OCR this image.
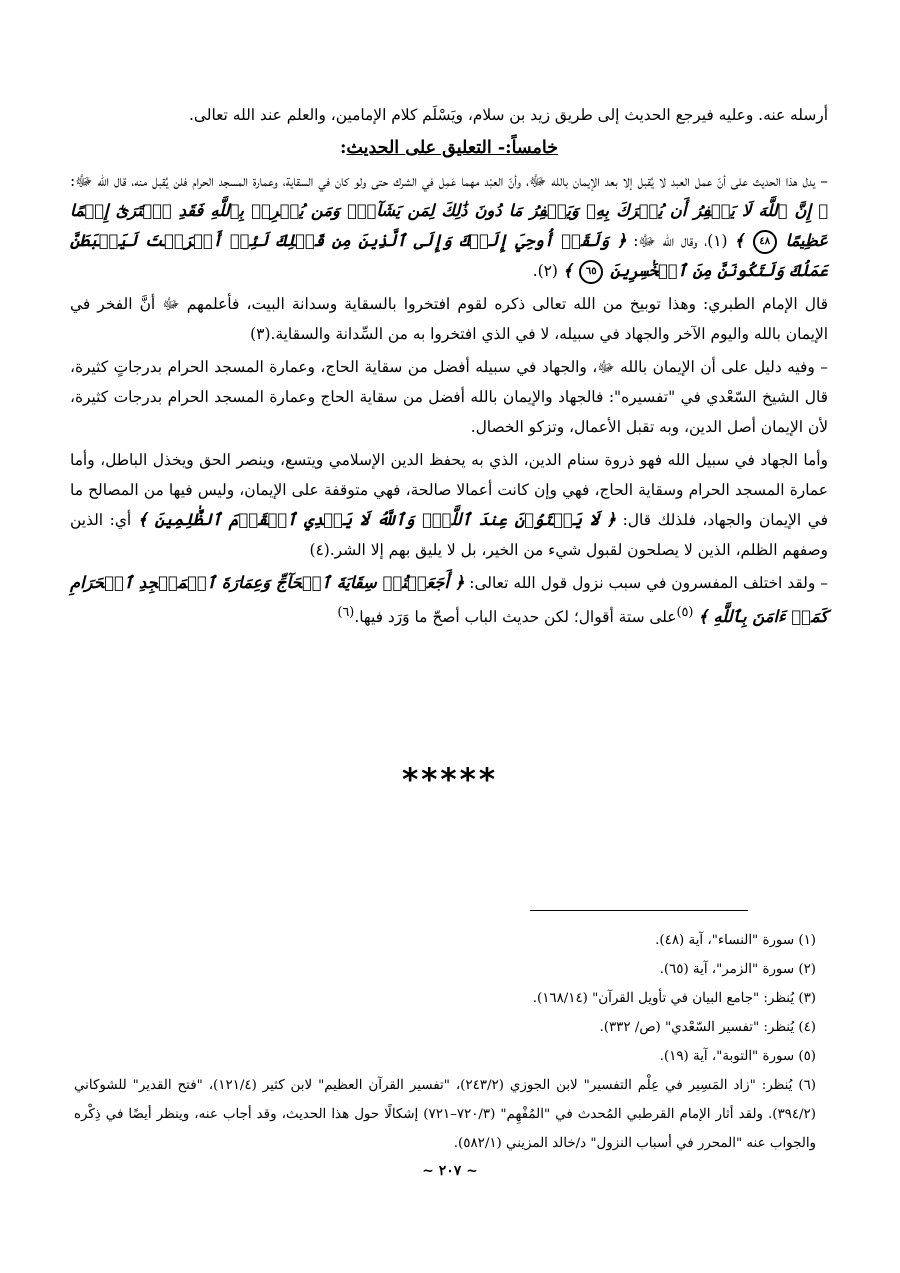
أرسله عنه. وعليه فيرجع الحديث إلى طريق زيد بن سلام، ويَسْلَم كلام الإمامين، والعلم عند الله تعالى.

خامساً:- التعليق على الحديث:

– يدل هذا الحديث على أنّ عمل العبد لا يُقبل إلا بعد الإيمان بالله ﷻ، وأنّ العبْد مهما عَمِل في الشرك حتى ولو كان في السقاية، وعمارة المسجد الحرام فلن يُقبل منه، قال الله ﷻ: ﴿ إِنَّ ٱللَّهَ لَا يَغۡفِرُ أَن يُشۡرَكَ بِهِۦ وَيَغۡفِرُ مَا دُونَ ذَٰلِكَ لِمَن يَشَآءُۚ وَمَن يُشۡرِكۡ بِٱللَّهِ فَقَدِ ٱفۡتَرَىٰٓ إِثۡمًا عَظِيمًا ٤٨ ﴾ (١)، وقال الله ﷻ: ﴿ وَلَقَدۡ أُوحِيَ إِلَيۡكَ وَإِلَى ٱلَّذِينَ مِن قَبۡلِكَ لَئِنۡ أَشۡرَكۡتَ لَيَحۡبَطَنَّ عَمَلُكَ وَلَتَكُونَنَّ مِنَ ٱلۡخَٰسِرِينَ ٦٥ ﴾ (٢).

قال الإمام الطبري: وهذا توبيخ من الله تعالى ذكره لقوم افتخروا بالسقاية وسدانة البيت، فأعلمهم ﷻ أنَّ الفخر في الإيمان بالله واليوم الآخر والجهاد في سبيله، لا في الذي افتخروا به من السِّدانة والسقاية.(٣)

– وفيه دليل على أن الإيمان بالله ﷻ، والجهاد في سبيله أفضل من سقاية الحاج، وعمارة المسجد الحرام بدرجاتٍ كثيرة، قال الشيخ السّعْدي في "تفسيره": فالجهاد والإيمان بالله أفضل من سقاية الحاج وعمارة المسجد الحرام بدرجات كثيرة، لأن الإيمان أصل الدين، وبه تقبل الأعمال، وتزكو الخصال.

وأما الجهاد في سبيل الله فهو ذروة سنام الدين، الذي به يحفظ الدين الإسلامي ويتسع، وينصر الحق ويخذل الباطل، وأما عمارة المسجد الحرام وسقاية الحاج، فهي وإن كانت أعمالا صالحة، فهي متوقفة على الإيمان، وليس فيها من المصالح ما في الإيمان والجهاد، فلذلك قال: ﴿ لَا يَسۡتَوُۥنَ عِندَ ٱللَّهِۗ وَٱللَّهُ لَا يَهۡدِي ٱلۡقَوۡمَ ٱلظَّٰلِمِينَ ﴾ أي: الذين وصفهم الظلم، الذين لا يصلحون لقبول شيء من الخير، بل لا يليق بهم إلا الشر.(٤)

– ولقد اختلف المفسرون في سبب نزول قول الله تعالى: ﴿ أَجَعَلۡتُمۡ سِقَايَةَ ٱلۡحَآجِّ وَعِمَارَةَ ٱلۡمَسۡجِدِ ٱلۡحَرَامِ كَمَنۡ ءَامَنَ بِٱللَّهِ ﴾ $^{(٥)}$على ستة أقوال؛ لكن حديث الباب أصحّ ما وَرَد فيها.$^{(٦)}$

*****

(١) سورة "النساء"، آية (٤٨).

(٢) سورة "الزمر"، آية (٦٥).

(٣) يُنظر: "جامع البيان في تأويل القرآن" (١٦٨/١٤).

(٤) يُنظر: "تفسير السّعْدي" (ص/ ٣٣٢).

(٥) سورة "التوبة"، آية (١٩).

(٦) يُنظر: "زاد المَسِير في عِلْم التفسير" لابن الجوزي (٢٤٣/٢)، "تفسير القرآن العظيم" لابن كثير (١٢١/٤)، "فتح القدير" للشوكاني (٣٩٤/٢). ولقد أثار الإمام القرطبي المُحدث في "المُفْهِم" (٧٢٠/٣–٧٢١) إشكالًا حول هذا الحديث، وقد أجاب عنه، وينظر أيضًا في ذِكْره والجواب عنه "المحرر في أسباب النزول" د/خالد المزيني (٥٨٢/١).

~ ٢٠٧ ~
